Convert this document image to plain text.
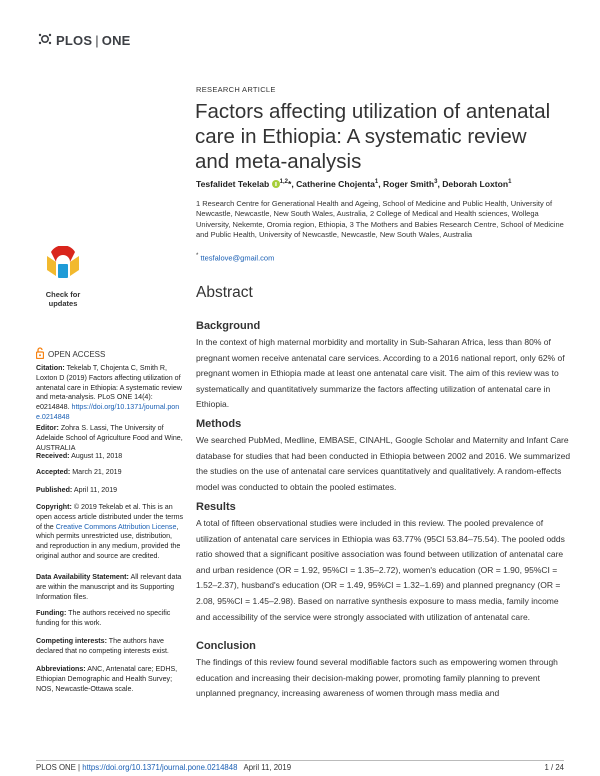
PLOS | ONE
Check for
updates
OPEN ACCESS
Citation: Tekelab T, Chojenta C, Smith R, Loxton D (2019) Factors affecting utilization of antenatal care in Ethiopia: A systematic review and meta-analysis. PLoS ONE 14(4): e0214848. https://doi.org/10.1371/journal.pone.0214848
Editor: Zohra S. Lassi, The University of Adelaide School of Agriculture Food and Wine, AUSTRALIA
Received: August 11, 2018
Accepted: March 21, 2019
Published: April 11, 2019
Copyright: © 2019 Tekelab et al. This is an open access article distributed under the terms of the Creative Commons Attribution License, which permits unrestricted use, distribution, and reproduction in any medium, provided the original author and source are credited.
Data Availability Statement: All relevant data are within the manuscript and its Supporting Information files.
Funding: The authors received no specific funding for this work.
Competing interests: The authors have declared that no competing interests exist.
Abbreviations: ANC, Antenatal care; EDHS, Ethiopian Demographic and Health Survey; NOS, Newcastle-Ottawa scale.
RESEARCH ARTICLE
Factors affecting utilization of antenatal care in Ethiopia: A systematic review and meta-analysis
Tesfalidet Tekelab $^{1,2}$*, Catherine Chojenta$^1$, Roger Smith$^3$, Deborah Loxton$^1$
1 Research Centre for Generational Health and Ageing, School of Medicine and Public Health, University of Newcastle, Newcastle, New South Wales, Australia, 2 College of Medical and Health sciences, Wollega University, Nekemte, Oromia region, Ethiopia, 3 The Mothers and Babies Research Centre, School of Medicine and Public Health, University of Newcastle, Newcastle, New South Wales, Australia
* ttesfalove@gmail.com
Abstract
Background
In the context of high maternal morbidity and mortality in Sub-Saharan Africa, less than 80% of pregnant women receive antenatal care services. According to a 2016 national report, only 62% of pregnant women in Ethiopia made at least one antenatal care visit. The aim of this review was to systematically and quantitatively summarize the factors affecting utilization of antenatal care in Ethiopia.
Methods
We searched PubMed, Medline, EMBASE, CINAHL, Google Scholar and Maternity and Infant Care database for studies that had been conducted in Ethiopia between 2002 and 2016. We summarized the studies on the use of antenatal care services quantitatively and qualitatively. A random-effects model was conducted to obtain the pooled estimates.
Results
A total of fifteen observational studies were included in this review. The pooled prevalence of utilization of antenatal care services in Ethiopia was 63.77% (95CI 53.84–75.54). The pooled odds ratio showed that a significant positive association was found between utilization of antenatal care and urban residence (OR = 1.92, 95%CI = 1.35–2.72), women's education (OR = 1.90, 95%CI = 1.52–2.37), husband's education (OR = 1.49, 95%CI = 1.32–1.69) and planned pregnancy (OR = 2.08, 95%CI = 1.45–2.98). Based on narrative synthesis exposure to mass media, family income and accessibility of the service were strongly associated with utilization of antenatal care.
Conclusion
The findings of this review found several modifiable factors such as empowering women through education and increasing their decision-making power, promoting family planning to prevent unplanned pregnancy, increasing awareness of women through mass media and
PLOS ONE | https://doi.org/10.1371/journal.pone.0214848   April 11, 2019	1 / 24
